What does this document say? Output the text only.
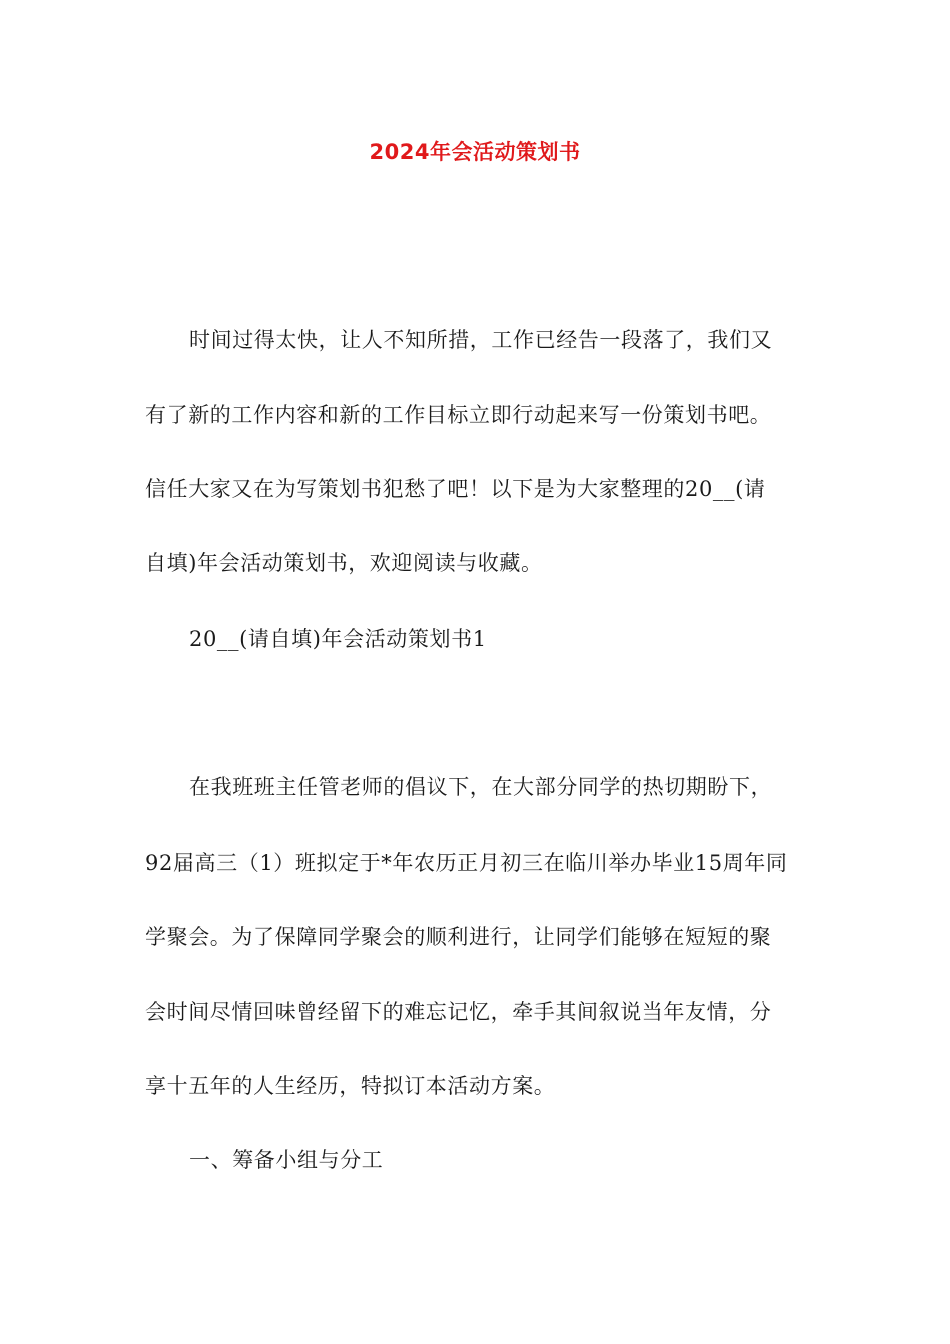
2024年会活动策划书
时间过得太快，让人不知所措，工作已经告一段落了，我们又
有了新的工作内容和新的工作目标立即行动起来写一份策划书吧。
信任大家又在为写策划书犯愁了吧！以下是为大家整理的20__(请
自填)年会活动策划书，欢迎阅读与收藏。
20__(请自填)年会活动策划书1
在我班班主任管老师的倡议下，在大部分同学的热切期盼下，
92届高三（1）班拟定于*年农历正月初三在临川举办毕业15周年同
学聚会。为了保障同学聚会的顺利进行，让同学们能够在短短的聚
会时间尽情回味曾经留下的难忘记忆，牵手其间叙说当年友情，分
享十五年的人生经历，特拟订本活动方案。
一、筹备小组与分工
